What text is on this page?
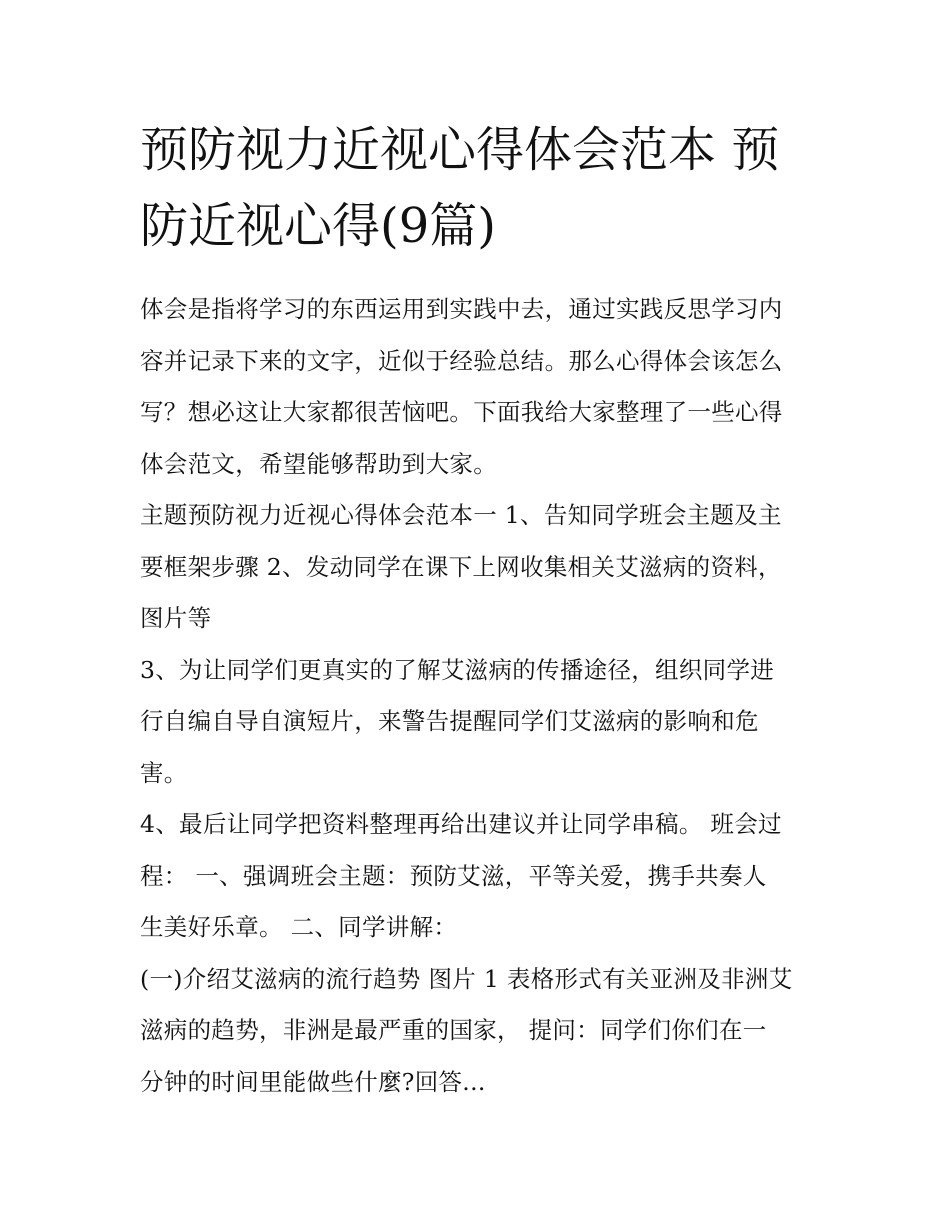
预防视力近视心得体会范本 预
防近视心得(9篇)

体会是指将学习的东西运用到实践中去，通过实践反思学习内
容并记录下来的文字，近似于经验总结。那么心得体会该怎么
写？想必这让大家都很苦恼吧。下面我给大家整理了一些心得
体会范文，希望能够帮助到大家。

主题预防视力近视心得体会范本一 1、告知同学班会主题及主
要框架步骤 2、发动同学在课下上网收集相关艾滋病的资料，
图片等

3、为让同学们更真实的了解艾滋病的传播途径，组织同学进
行自编自导自演短片，来警告提醒同学们艾滋病的影响和危
害。

4、最后让同学把资料整理再给出建议并让同学串稿。 班会过
程： 一、强调班会主题：预防艾滋，平等关爱，携手共奏人
生美好乐章。 二、同学讲解：

(一)介绍艾滋病的流行趋势 图片 1 表格形式有关亚洲及非洲艾
滋病的趋势，非洲是最严重的国家， 提问：同学们你们在一
分钟的时间里能做些什麼?回答...
